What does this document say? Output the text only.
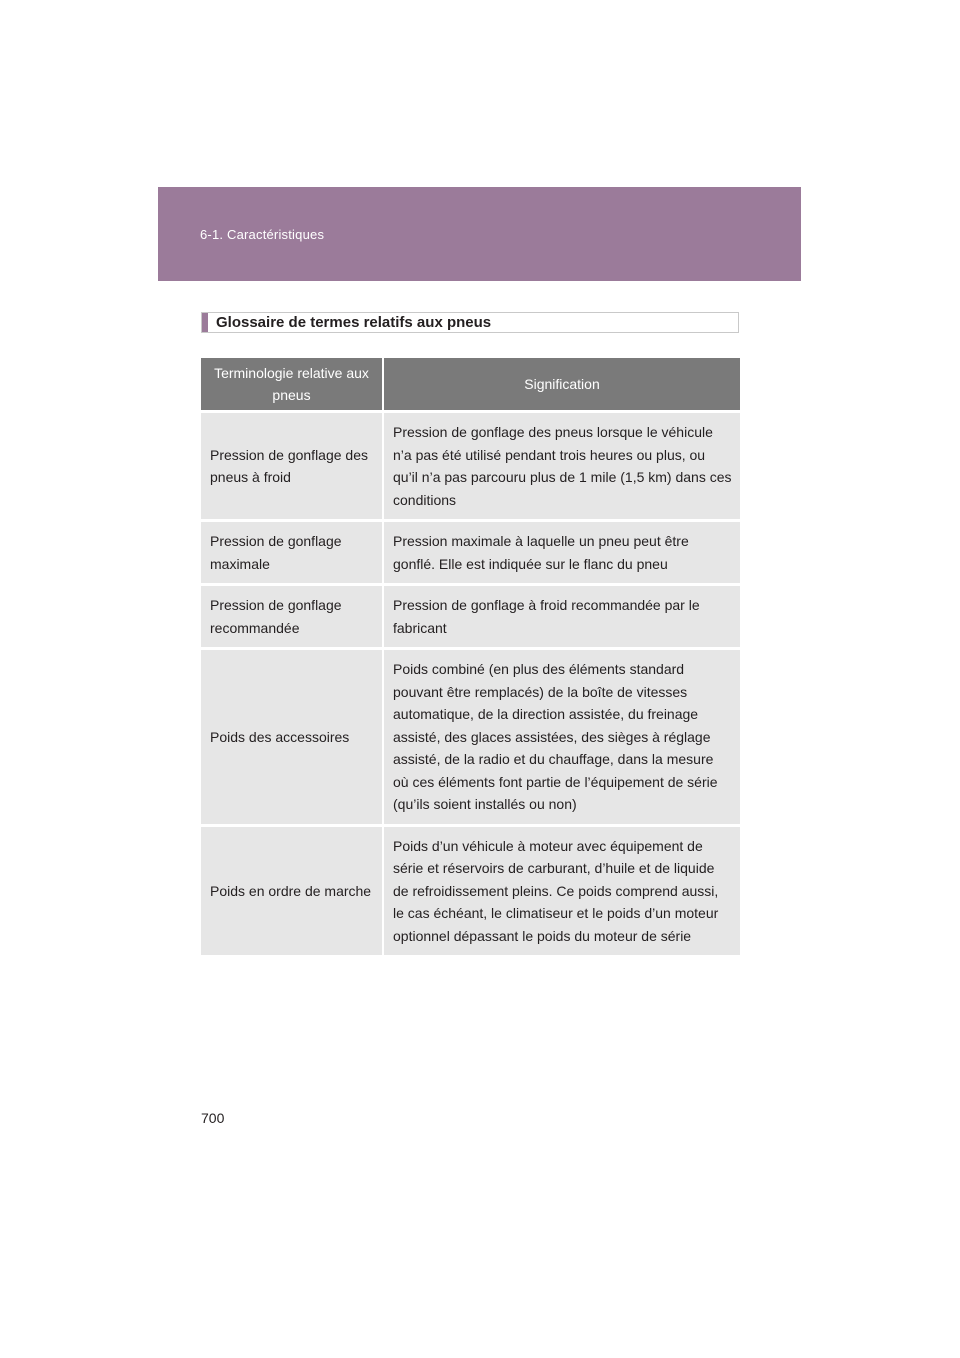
6-1. Caractéristiques
Glossaire de termes relatifs aux pneus
Terminologie relative aux pneus	Signification
Pression de gonflage des pneus à froid	Pression de gonflage des pneus lorsque le véhicule n’a pas été utilisé pendant trois heures ou plus, ou qu’il n’a pas parcouru plus de 1 mile (1,5 km) dans ces conditions
Pression de gonflage maximale	Pression maximale à laquelle un pneu peut être gonflé. Elle est indiquée sur le flanc du pneu
Pression de gonflage recommandée	Pression de gonflage à froid recommandée par le fabricant
Poids des accessoires	Poids combiné (en plus des éléments standard pouvant être remplacés) de la boîte de vitesses automatique, de la direction assistée, du freinage assisté, des glaces assistées, des sièges à réglage assisté, de la radio et du chauffage, dans la mesure où ces éléments font partie de l’équipement de série (qu’ils soient installés ou non)
Poids en ordre de marche	Poids d’un véhicule à moteur avec équipement de série et réservoirs de carburant, d’huile et de liquide de refroidissement pleins. Ce poids comprend aussi, le cas échéant, le climatiseur et le poids d’un moteur optionnel dépassant le poids du moteur de série
700
